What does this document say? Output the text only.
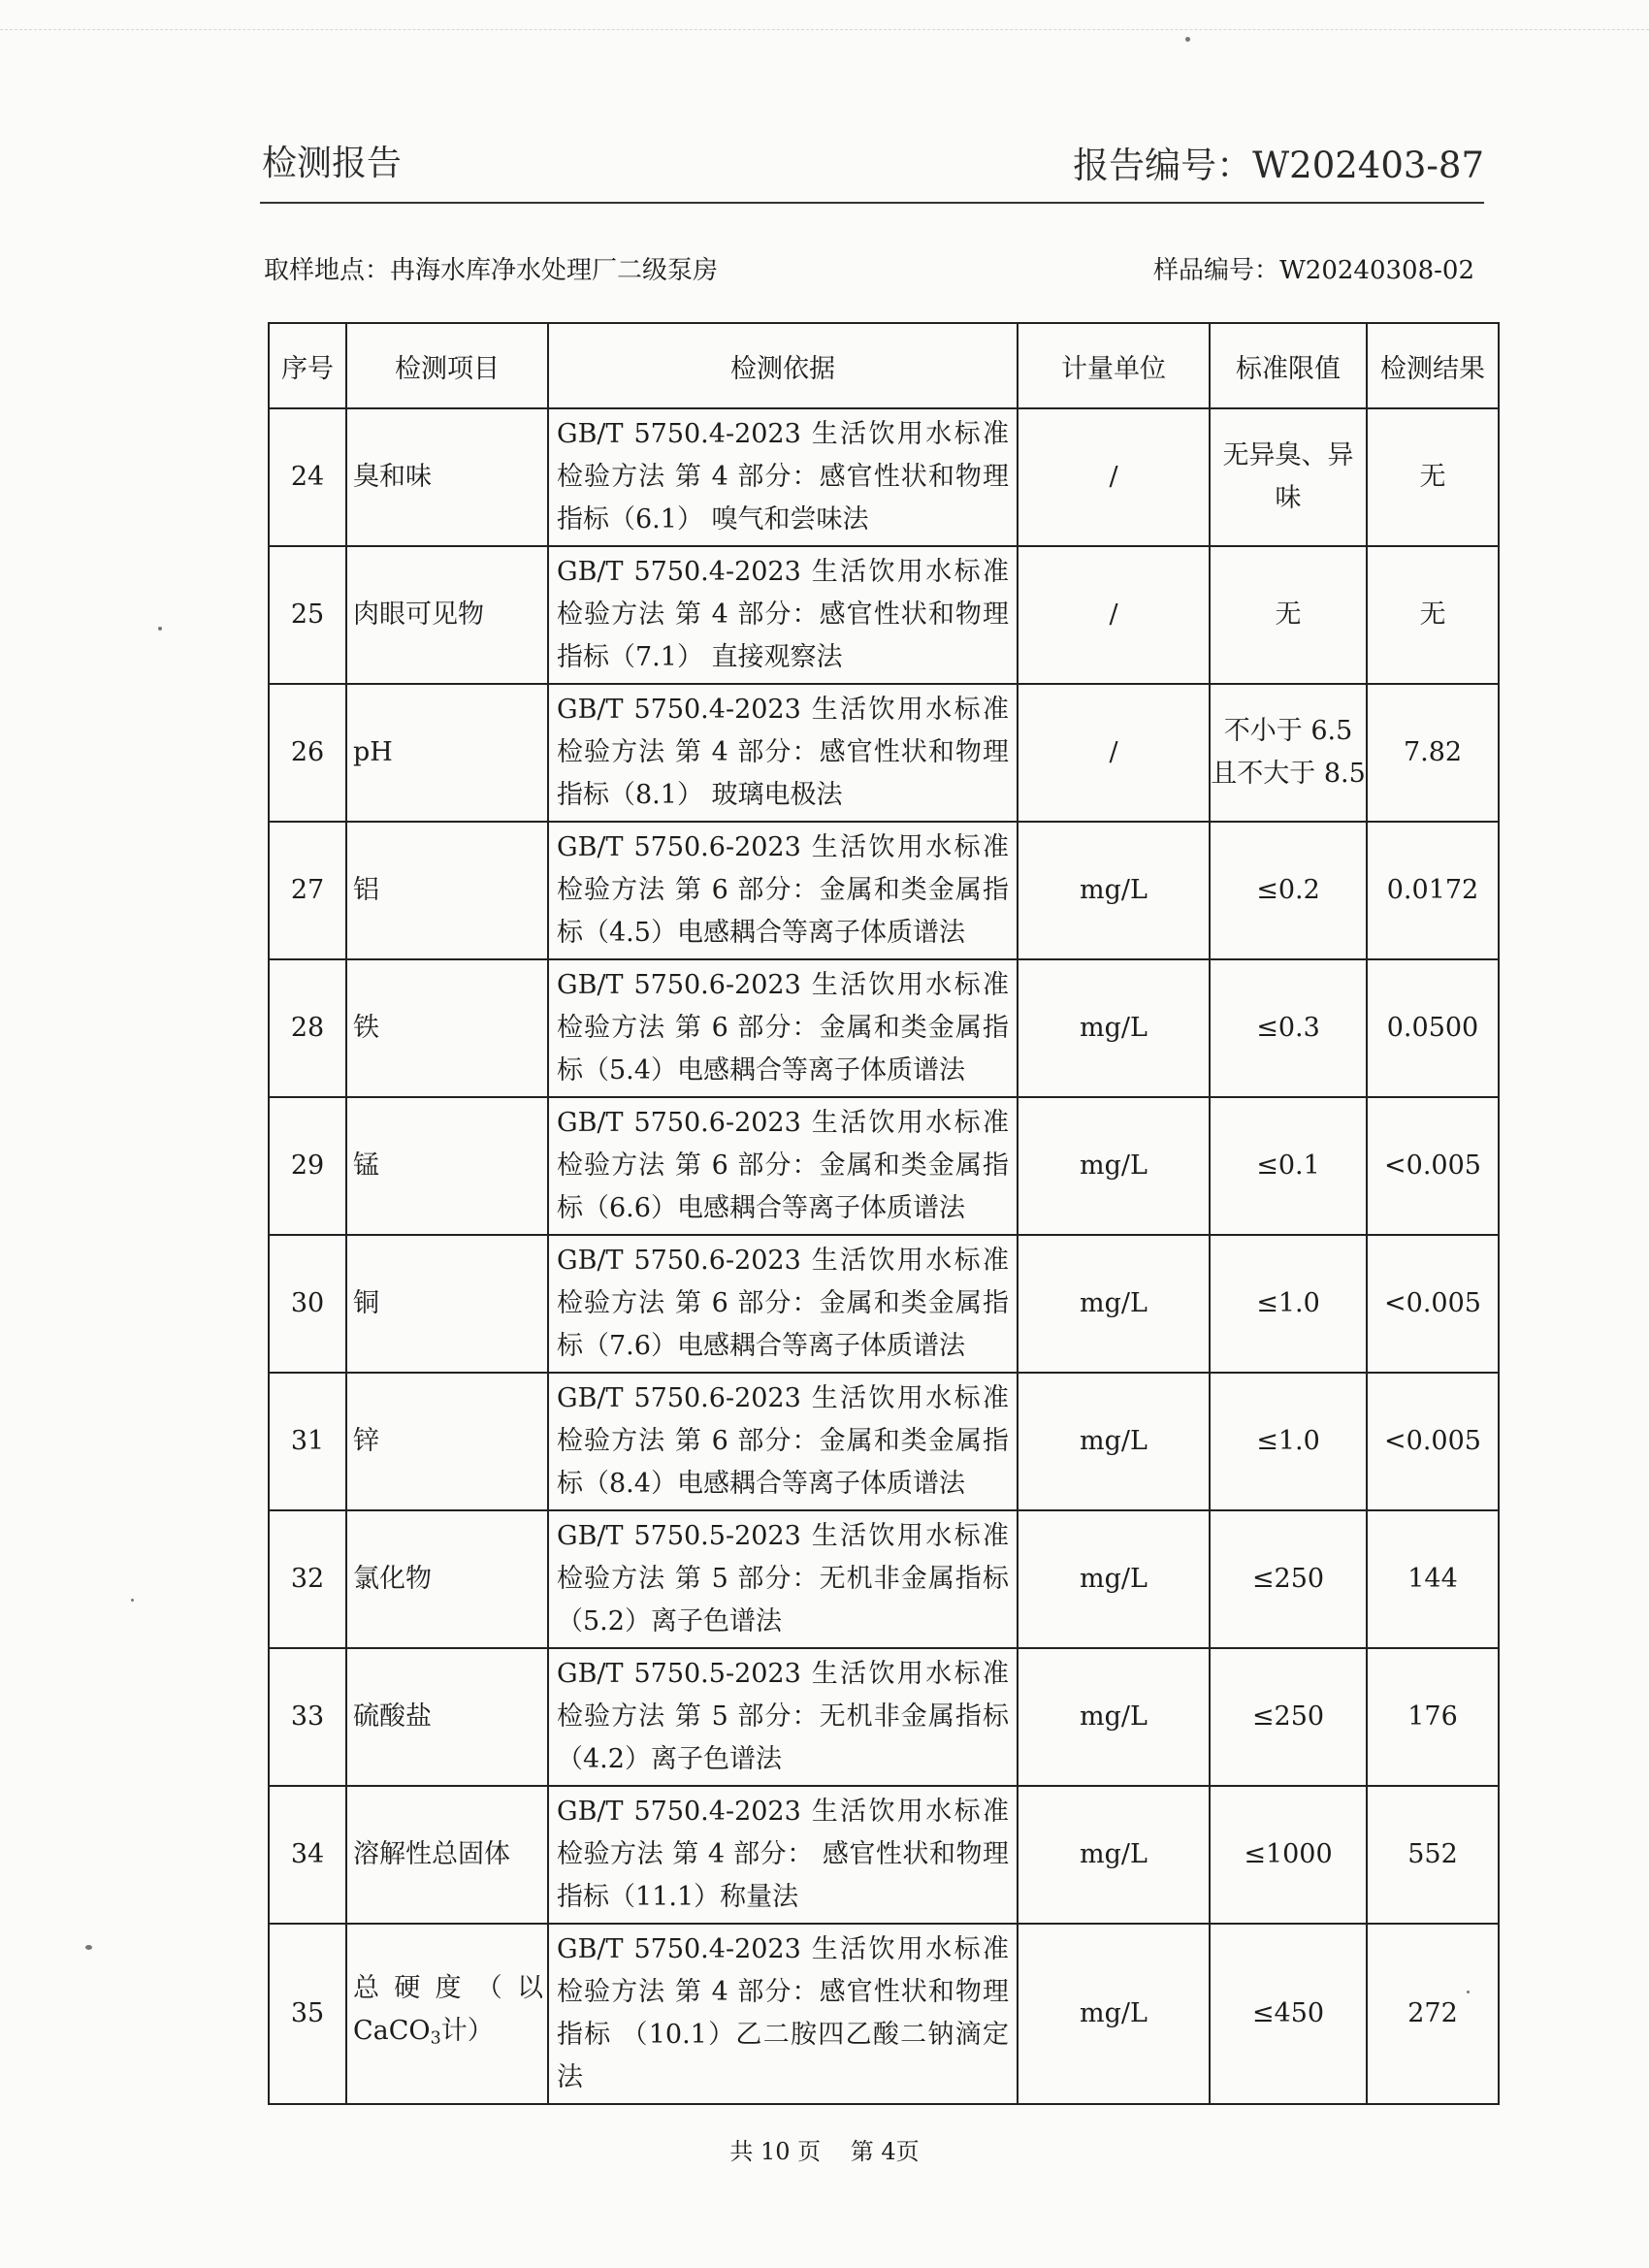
检测报告	报告编号：W202403-87
取样地点：冉海水库净水处理厂二级泵房	样品编号：W20240308-02
序号	检测项目	检测依据	计量单位	标准限值	检测结果
24	臭和味	GB/T 5750.4-2023 生活饮用水标准检验方法 第 4 部分：感官性状和物理指标（6.1） 嗅气和尝味法	/	无异臭、异味	无
25	肉眼可见物	GB/T 5750.4-2023 生活饮用水标准检验方法 第 4 部分：感官性状和物理指标（7.1） 直接观察法	/	无	无
26	pH	GB/T 5750.4-2023 生活饮用水标准检验方法 第 4 部分：感官性状和物理指标（8.1） 玻璃电极法	/	不小于 6.5 且不大于 8.5	7.82
27	铝	GB/T 5750.6-2023 生活饮用水标准检验方法 第 6 部分：金属和类金属指标（4.5）电感耦合等离子体质谱法	mg/L	≤0.2	0.0172
28	铁	GB/T 5750.6-2023 生活饮用水标准检验方法 第 6 部分：金属和类金属指标（5.4）电感耦合等离子体质谱法	mg/L	≤0.3	0.0500
29	锰	GB/T 5750.6-2023 生活饮用水标准检验方法 第 6 部分：金属和类金属指标（6.6）电感耦合等离子体质谱法	mg/L	≤0.1	<0.005
30	铜	GB/T 5750.6-2023 生活饮用水标准检验方法 第 6 部分：金属和类金属指标（7.6）电感耦合等离子体质谱法	mg/L	≤1.0	<0.005
31	锌	GB/T 5750.6-2023 生活饮用水标准检验方法 第 6 部分：金属和类金属指标（8.4）电感耦合等离子体质谱法	mg/L	≤1.0	<0.005
32	氯化物	GB/T 5750.5-2023 生活饮用水标准检验方法 第 5 部分：无机非金属指标（5.2）离子色谱法	mg/L	≤250	144
33	硫酸盐	GB/T 5750.5-2023 生活饮用水标准检验方法 第 5 部分：无机非金属指标（4.2）离子色谱法	mg/L	≤250	176
34	溶解性总固体	GB/T 5750.4-2023 生活饮用水标准检验方法 第 4 部分： 感官性状和物理指标（11.1）称量法	mg/L	≤1000	552
35	总硬度（以 CaCO$_3$计）	GB/T 5750.4-2023 生活饮用水标准检验方法 第 4 部分：感官性状和物理指标 （10.1）乙二胺四乙酸二钠滴定法	mg/L	≤450	272
共 10 页 第 4页
